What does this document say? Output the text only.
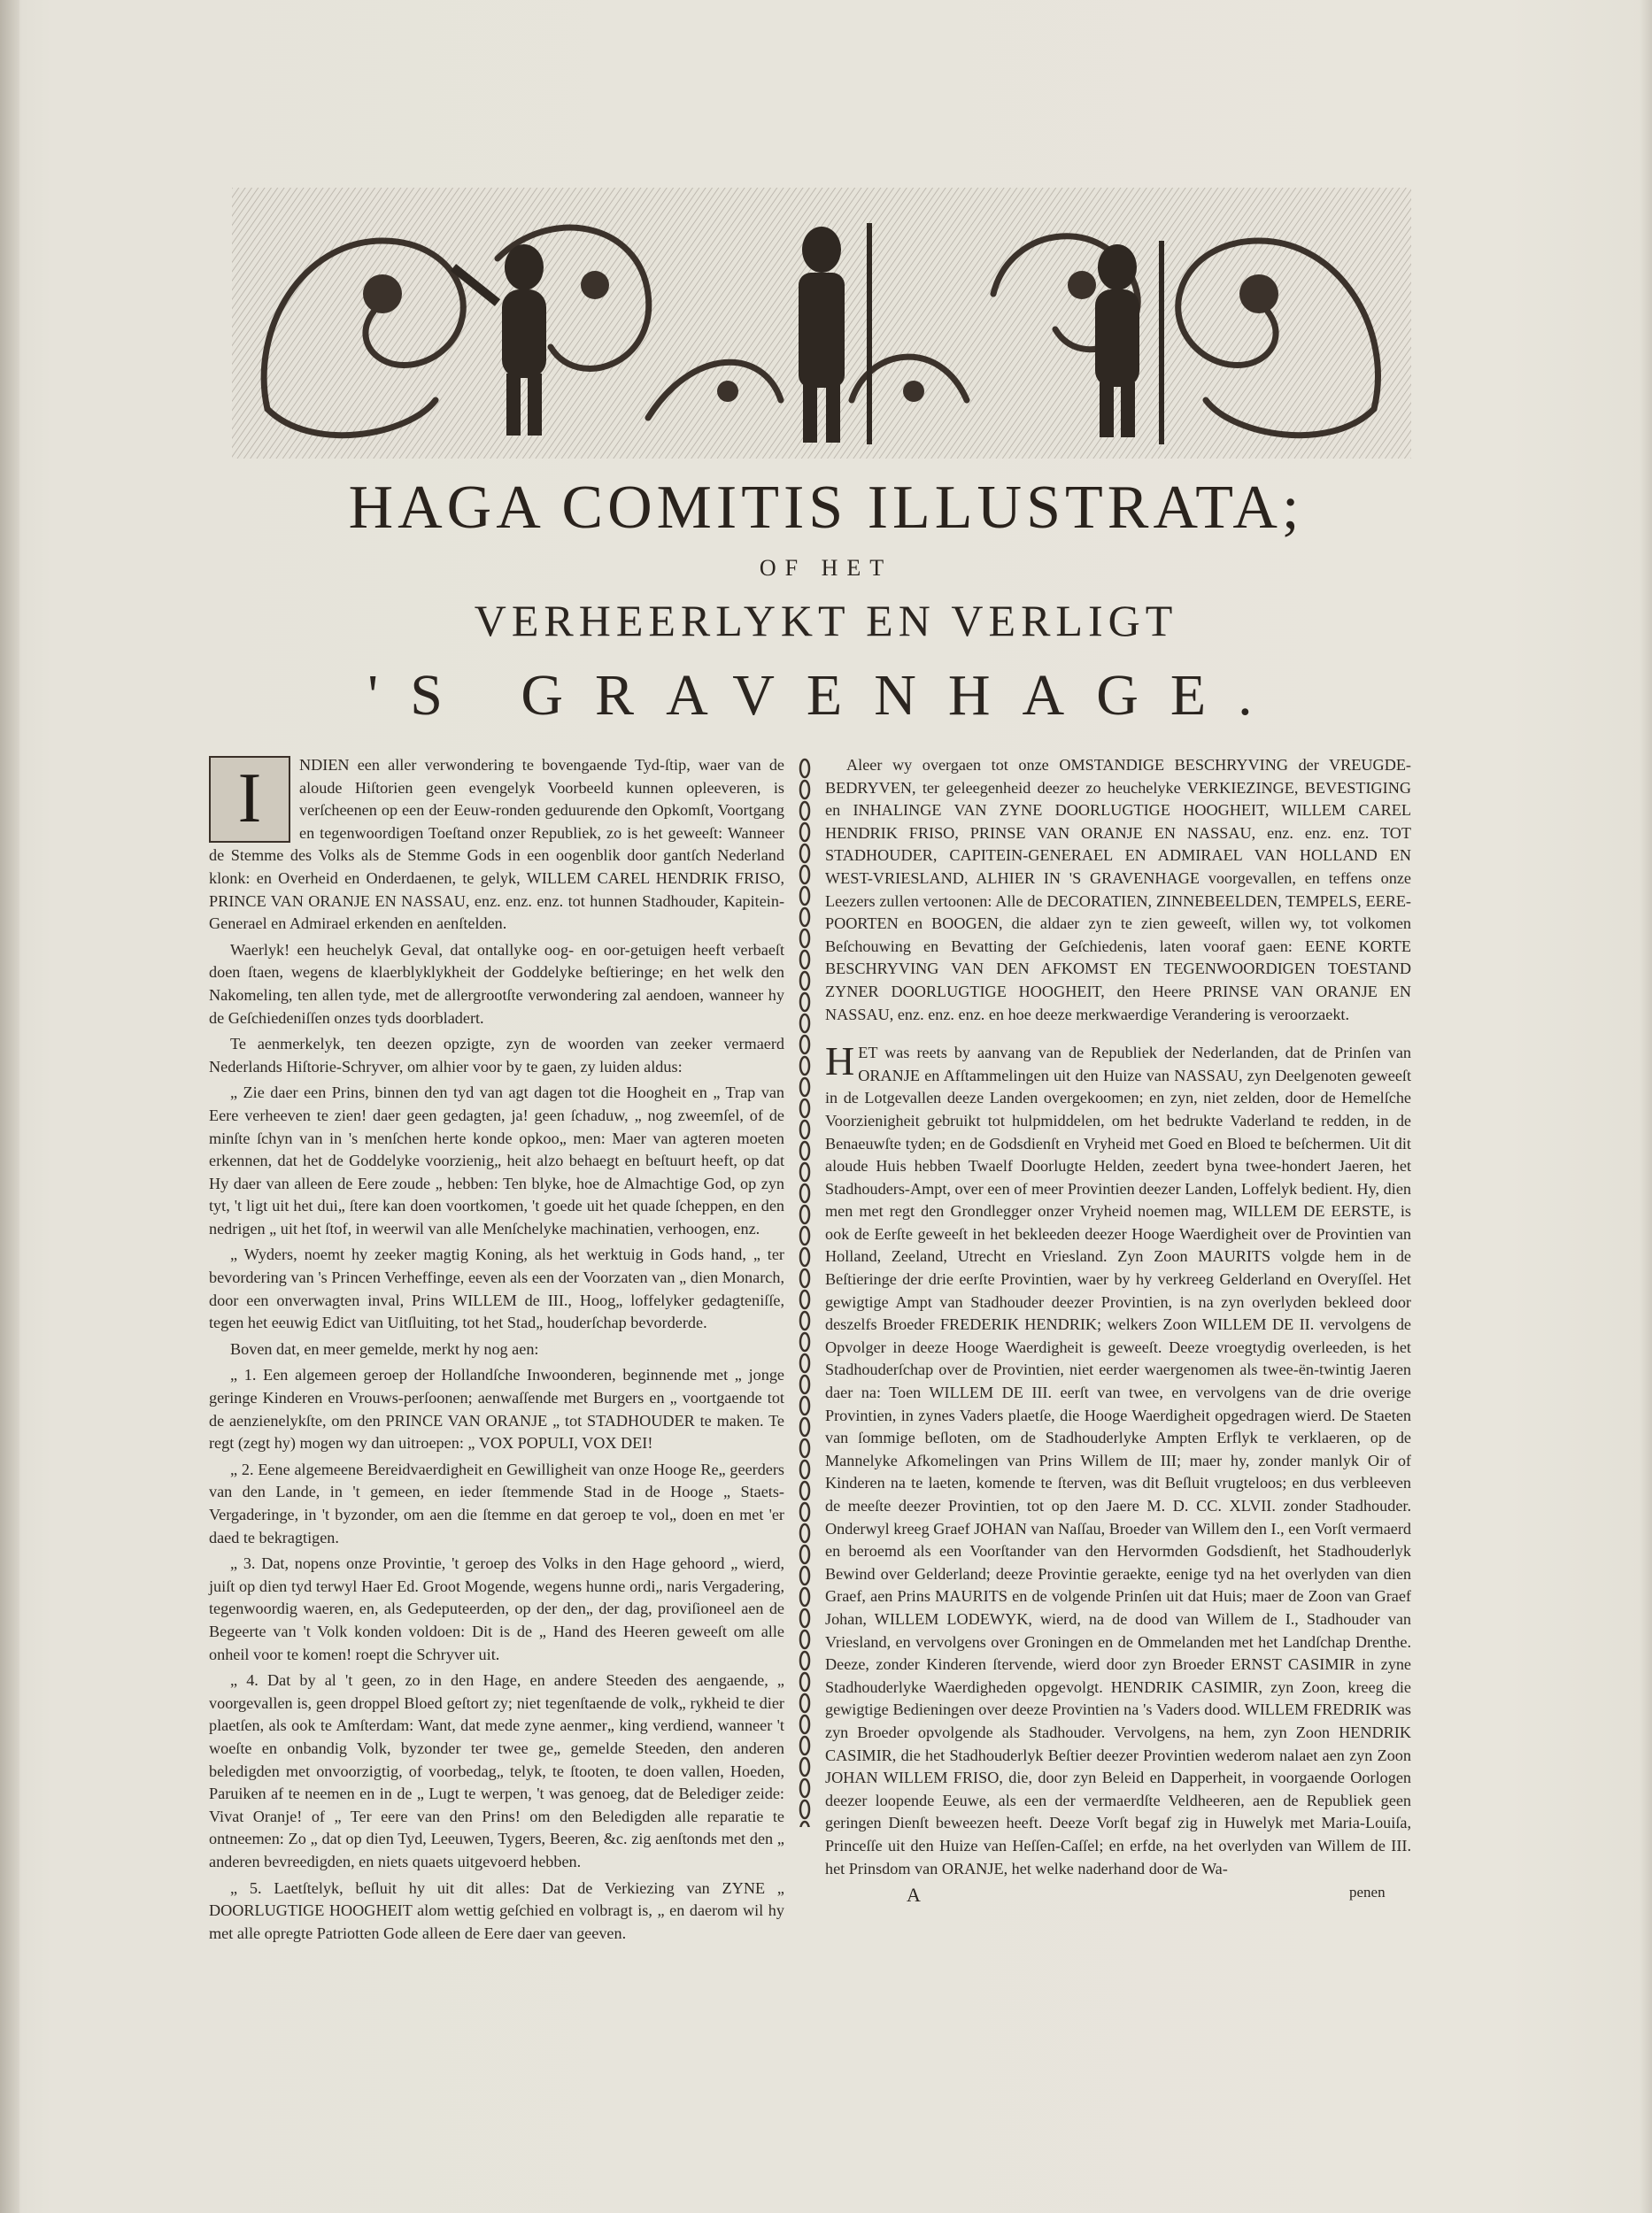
HAGA COMITIS ILLUSTRATA;
OF HET
VERHEERLYKT EN VERLIGT
'S GRAVENHAGE.
I	NDIEN een aller verwondering te bovengaende Tyd-ſtip, waer van de aloude Hiſtorien geen evengelyk Voorbeeld kunnen opleeveren, is verſcheenen op een der Eeuw-ronden geduurende den Opkomſt, Voortgang en tegenwoordigen Toeſtand onzer Republiek, zo is het geweeſt: Wanneer de Stemme des Volks als de Stemme Gods in een oogenblik door gantſch Nederland klonk: en Overheid en Onderdaenen, te gelyk, WILLEM CAREL HENDRIK FRISO, PRINCE VAN ORANJE EN NASSAU, enz. enz. enz. tot hunnen Stadhouder, Kapitein-Generael en Admirael erkenden en aenſtelden.

Waerlyk! een heuchelyk Geval, dat ontallyke oog- en oor-getuigen heeft verbaeſt doen ſtaen, wegens de klaerblyklykheit der Goddelyke beſtieringe; en het welk den Nakomeling, ten allen tyde, met de allergrootſte verwondering zal aendoen, wanneer hy de Geſchiedeniſſen onzes tyds doorbladert.

Te aenmerkelyk, ten deezen opzigte, zyn de woorden van zeeker vermaerd Nederlands Hiſtorie-Schryver, om alhier voor by te gaen, zy luiden aldus:

„ Zie daer een Prins, binnen den tyd van agt dagen tot die Hoogheit en „ Trap van Eere verheeven te zien! daer geen gedagten, ja! geen ſchaduw, „ nog zweemſel, of de minſte ſchyn van in 's menſchen herte konde opkoo„ men: Maer van agteren moeten erkennen, dat het de Goddelyke voorzienig„ heit alzo behaegt en beſtuurt heeft, op dat Hy daer van alleen de Eere zoude „ hebben: Ten blyke, hoe de Almachtige God, op zyn tyt, 't ligt uit het dui„ ſtere kan doen voortkomen, 't goede uit het quade ſcheppen, en den nedrigen „ uit het ſtof, in weerwil van alle Menſchelyke machinatien, verhoogen, enz.

„ Wyders, noemt hy zeeker magtig Koning, als het werktuig in Gods hand, „ ter bevordering van 's Princen Verheffinge, eeven als een der Voorzaten van „ dien Monarch, door een onverwagten inval, Prins WILLEM de III., Hoog„ loffelyker gedagteniſſe, tegen het eeuwig Edict van Uitſluiting, tot het Stad„ houderſchap bevorderde.

Boven dat, en meer gemelde, merkt hy nog aen:

„ 1. Een algemeen geroep der Hollandſche Inwoonderen, beginnende met „ jonge geringe Kinderen en Vrouws-perſoonen; aenwaſſende met Burgers en „ voortgaende tot de aenzienelykſte, om den PRINCE VAN ORANJE „ tot STADHOUDER te maken. Te regt (zegt hy) mogen wy dan uitroepen: „ VOX POPULI, VOX DEI!

„ 2. Eene algemeene Bereidvaerdigheit en Gewilligheit van onze Hooge Re„ geerders van den Lande, in 't gemeen, en ieder ſtemmende Stad in de Hooge „ Staets-Vergaderinge, in 't byzonder, om aen die ſtemme en dat geroep te vol„ doen en met 'er daed te bekragtigen.

„ 3. Dat, nopens onze Provintie, 't geroep des Volks in den Hage gehoord „ wierd, juiſt op dien tyd terwyl Haer Ed. Groot Mogende, wegens hunne ordi„ naris Vergadering, tegenwoordig waeren, en, als Gedeputeerden, op der den„ der dag, proviſioneel aen de Begeerte van 't Volk konden voldoen: Dit is de „ Hand des Heeren geweeſt om alle onheil voor te komen! roept die Schryver uit.

„ 4. Dat by al 't geen, zo in den Hage, en andere Steeden des aengaende, „ voorgevallen is, geen droppel Bloed geſtort zy; niet tegenſtaende de volk„ rykheid te dier plaetſen, als ook te Amſterdam: Want, dat mede zyne aenmer„ king verdiend, wanneer 't woeſte en onbandig Volk, byzonder ter twee ge„ gemelde Steeden, den anderen beledigden met onvoorzigtig, of voorbedag„ telyk, te ſtooten, te doen vallen, Hoeden, Paruiken af te neemen en in de „ Lugt te werpen, 't was genoeg, dat de Belediger zeide: Vivat Oranje! of „ Ter eere van den Prins! om den Beledigden alle reparatie te ontneemen: Zo „ dat op dien Tyd, Leeuwen, Tygers, Beeren, &c. zig aenſtonds met den „ anderen bevreedigden, en niets quaets uitgevoerd hebben.

„ 5. Laetſtelyk, beſluit hy uit dit alles: Dat de Verkiezing van ZYNE „ DOORLUGTIGE HOOGHEIT alom wettig geſchied en volbragt is, „ en daerom wil hy met alle opregte Patriotten Gode alleen de Eere daer van geeven.

Aleer wy overgaen tot onze OMSTANDIGE BESCHRYVING der VREUGDE-BEDRYVEN, ter geleegenheid deezer zo heuchelyke VERKIEZINGE, BEVESTIGING en INHALINGE VAN ZYNE DOORLUGTIGE HOOGHEIT, WILLEM CAREL HENDRIK FRISO, PRINSE VAN ORANJE EN NASSAU, enz. enz. enz. TOT STADHOUDER, CAPITEIN-GENERAEL EN ADMIRAEL VAN HOLLAND EN WEST-VRIESLAND, ALHIER IN 'S GRAVENHAGE voorgevallen, en teffens onze Leezers zullen vertoonen: Alle de DECORATIEN, ZINNEBEELDEN, TEMPELS, EERE-POORTEN en BOOGEN, die aldaer zyn te zien geweeſt, willen wy, tot volkomen Beſchouwing en Bevatting der Geſchiedenis, laten vooraf gaen: EENE KORTE BESCHRYVING VAN DEN AFKOMST EN TEGENWOORDIGEN TOESTAND ZYNER DOORLUGTIGE HOOGHEIT, den Heere PRINSE VAN ORANJE EN NASSAU, enz. enz. enz. en hoe deeze merkwaerdige Verandering is veroorzaekt.

HET was reets by aanvang van de Republiek der Nederlanden, dat de Prinſen van ORANJE en Afſtammelingen uit den Huize van NASSAU, zyn Deelgenoten geweeſt in de Lotgevallen deeze Landen overgekoomen; en zyn, niet zelden, door de Hemelſche Voorzienigheit gebruikt tot hulpmiddelen, om het bedrukte Vaderland te redden, in de Benaeuwſte tyden; en de Godsdienſt en Vryheid met Goed en Bloed te beſchermen. Uit dit aloude Huis hebben Twaelf Doorlugte Helden, zeedert byna twee-hondert Jaeren, het Stadhouders-Ampt, over een of meer Provintien deezer Landen, Loffelyk bedient. Hy, dien men met regt den Grondlegger onzer Vryheid noemen mag, WILLEM DE EERSTE, is ook de Eerſte geweeſt in het bekleeden deezer Hooge Waerdigheit over de Provintien van Holland, Zeeland, Utrecht en Vriesland. Zyn Zoon MAURITS volgde hem in de Beſtieringe der drie eerſte Provintien, waer by hy verkreeg Gelderland en Overyſſel. Het gewigtige Ampt van Stadhouder deezer Provintien, is na zyn overlyden bekleed door deszelfs Broeder FREDERIK HENDRIK; welkers Zoon WILLEM DE II. vervolgens de Opvolger in deeze Hooge Waerdigheit is geweeſt. Deeze vroegtydig overleeden, is het Stadhouderſchap over de Provintien, niet eerder waergenomen als twee-ën-twintig Jaeren daer na: Toen WILLEM DE III. eerſt van twee, en vervolgens van de drie overige Provintien, in zynes Vaders plaetſe, die Hooge Waerdigheit opgedragen wierd. De Staeten van ſommige beſloten, om de Stadhouderlyke Ampten Erflyk te verklaeren, op de Mannelyke Afkomelingen van Prins Willem de III; maer hy, zonder manlyk Oir of Kinderen na te laeten, komende te ſterven, was dit Beſluit vrugteloos; en dus verbleeven de meeſte deezer Provintien, tot op den Jaere M. D. CC. XLVII. zonder Stadhouder. Onderwyl kreeg Graef JOHAN van Naſſau, Broeder van Willem den I., een Vorſt vermaerd en beroemd als een Voorſtander van den Hervormden Godsdienſt, het Stadhouderlyk Bewind over Gelderland; deeze Provintie geraekte, eenige tyd na het overlyden van dien Graef, aen Prins MAURITS en de volgende Prinſen uit dat Huis; maer de Zoon van Graef Johan, WILLEM LODEWYK, wierd, na de dood van Willem de I., Stadhouder van Vriesland, en vervolgens over Groningen en de Ommelanden met het Landſchap Drenthe. Deeze, zonder Kinderen ſtervende, wierd door zyn Broeder ERNST CASIMIR in zyne Stadhouderlyke Waerdigheden opgevolgt. HENDRIK CASIMIR, zyn Zoon, kreeg die gewigtige Bedieningen over deeze Provintien na 's Vaders dood. WILLEM FREDRIK was zyn Broeder opvolgende als Stadhouder. Vervolgens, na hem, zyn Zoon HENDRIK CASIMIR, die het Stadhouderlyk Beſtier deezer Provintien wederom nalaet aen zyn Zoon JOHAN WILLEM FRISO, die, door zyn Beleid en Dapperheit, in voorgaende Oorlogen deezer loopende Eeuwe, als een der vermaerdſte Veldheeren, aen de Republiek geen geringen Dienſt beweezen heeft. Deeze Vorſt begaf zig in Huwelyk met Maria-Louiſa, Princeſſe uit den Huize van Heſſen-Caſſel; en erfde, na het overlyden van Willem de III. het Prinsdom van ORANJE, het welke naderhand door de Wa-

A	penen
